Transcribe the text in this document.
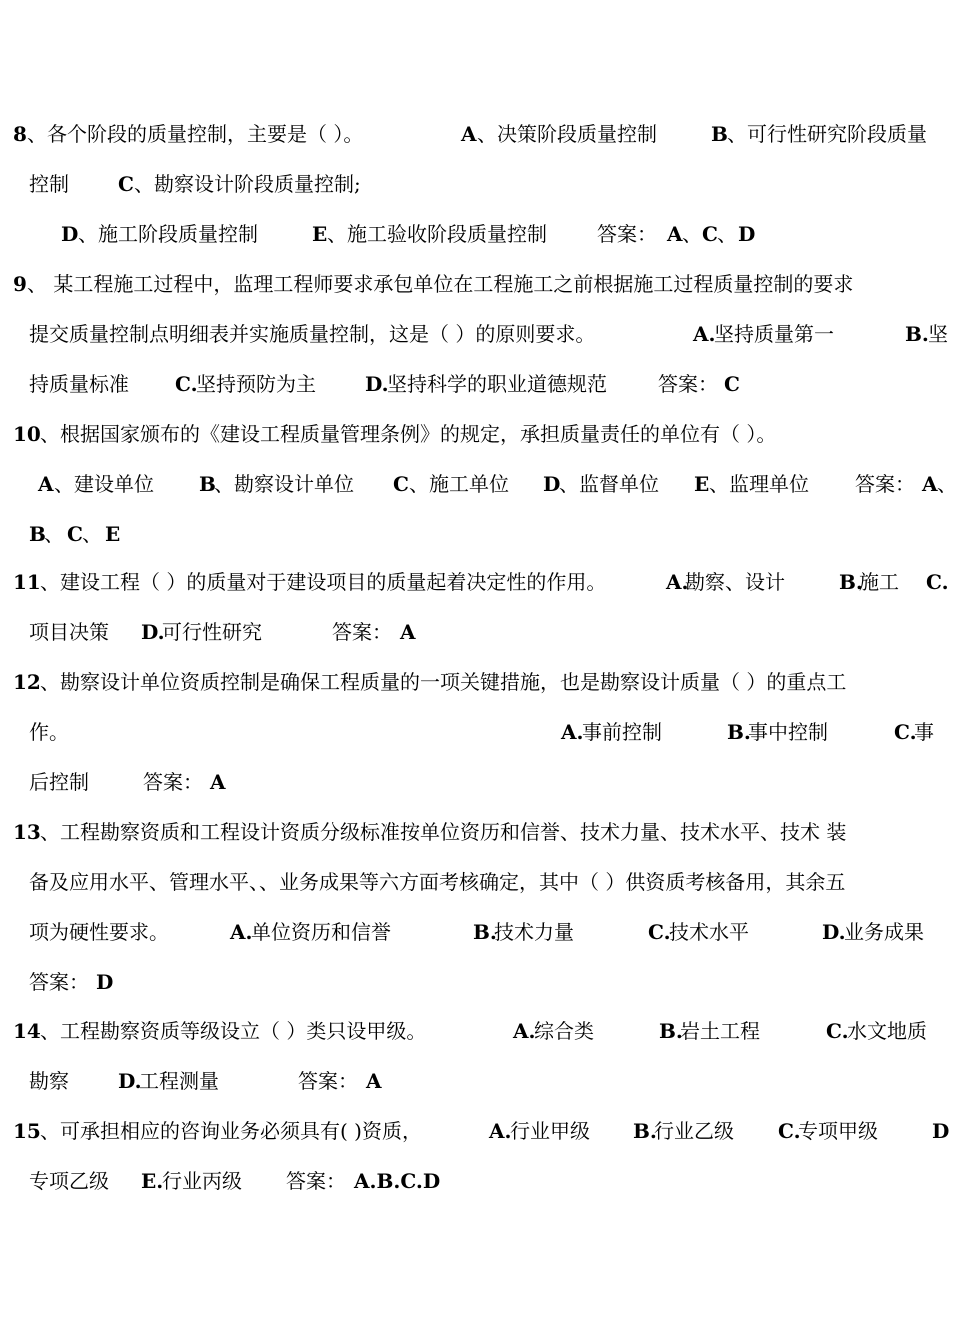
8 、各个阶段的质量控制，主要是（ ）。	A 、决策阶段质量控制	B 、可行性研究阶段质量
控制 C 、勘察设计阶段质量控制;
D 、施工阶段质量控制	E 、施工验收阶段质量控制	答案： A 、 C 、 D
9 、 某工程施工过程中，监理工程师要求承包单位在工程施工之前根据施工过程质量控制的要求
提交质量控制点明细表并实施质量控制，这是（ ）的原则要求。	A.
坚持质量第一	B. 坚
持质量标准 C.
坚持预防为主 D.
坚持科学的职业道德规范	答案： C
10 、根据国家颁布的《建设工程质量管理条例》的规定，承担质量责任的单位有（ ）。
A 、建设单位 B
、勘察设计单位 C 、施工单位 D
、监督单位 E 、监理单位 答案： A 、
B
、 C 、 E
11 、建设工程（ ）的质量对于建设项目的质量起着决定性的作用。	A.
勘察、设计	B.
施工 C.
项目决策 D.
可行性研究	答案： A
12 、勘察设计单位资质控制是确保工程质量的一项关键措施，也是勘察设计质量（ ）的重点工
作。	A.
事前控制	B.
事中控制	C.
事
后控制	答案： A
13 、工程勘察资质和工程设计资质分级标准按单位资历和信誉、技术力量、技术水平、技术 装
备及应用水平、管理水平、、业务成果等六方面考核确定，其中（ ）供资质考核备用，其余五
项为硬性要求。	A.
单位资历和信誉	B.
技术力量	C.
技术水平	D.
业务成果
答案： D
14 、工程勘察资质等级设立（ ）类只设甲级。	A.
综合类	B.
岩土工程	C.
水文地质
勘察 D.
工程测量	答案： A
15 、可承担相应的咨询业务必须具有( )资质，	A.
行业甲级 B.
行业乙级 C.
专项甲级	D
专项乙级 E.
行业丙级 答案： A.B.C.D
